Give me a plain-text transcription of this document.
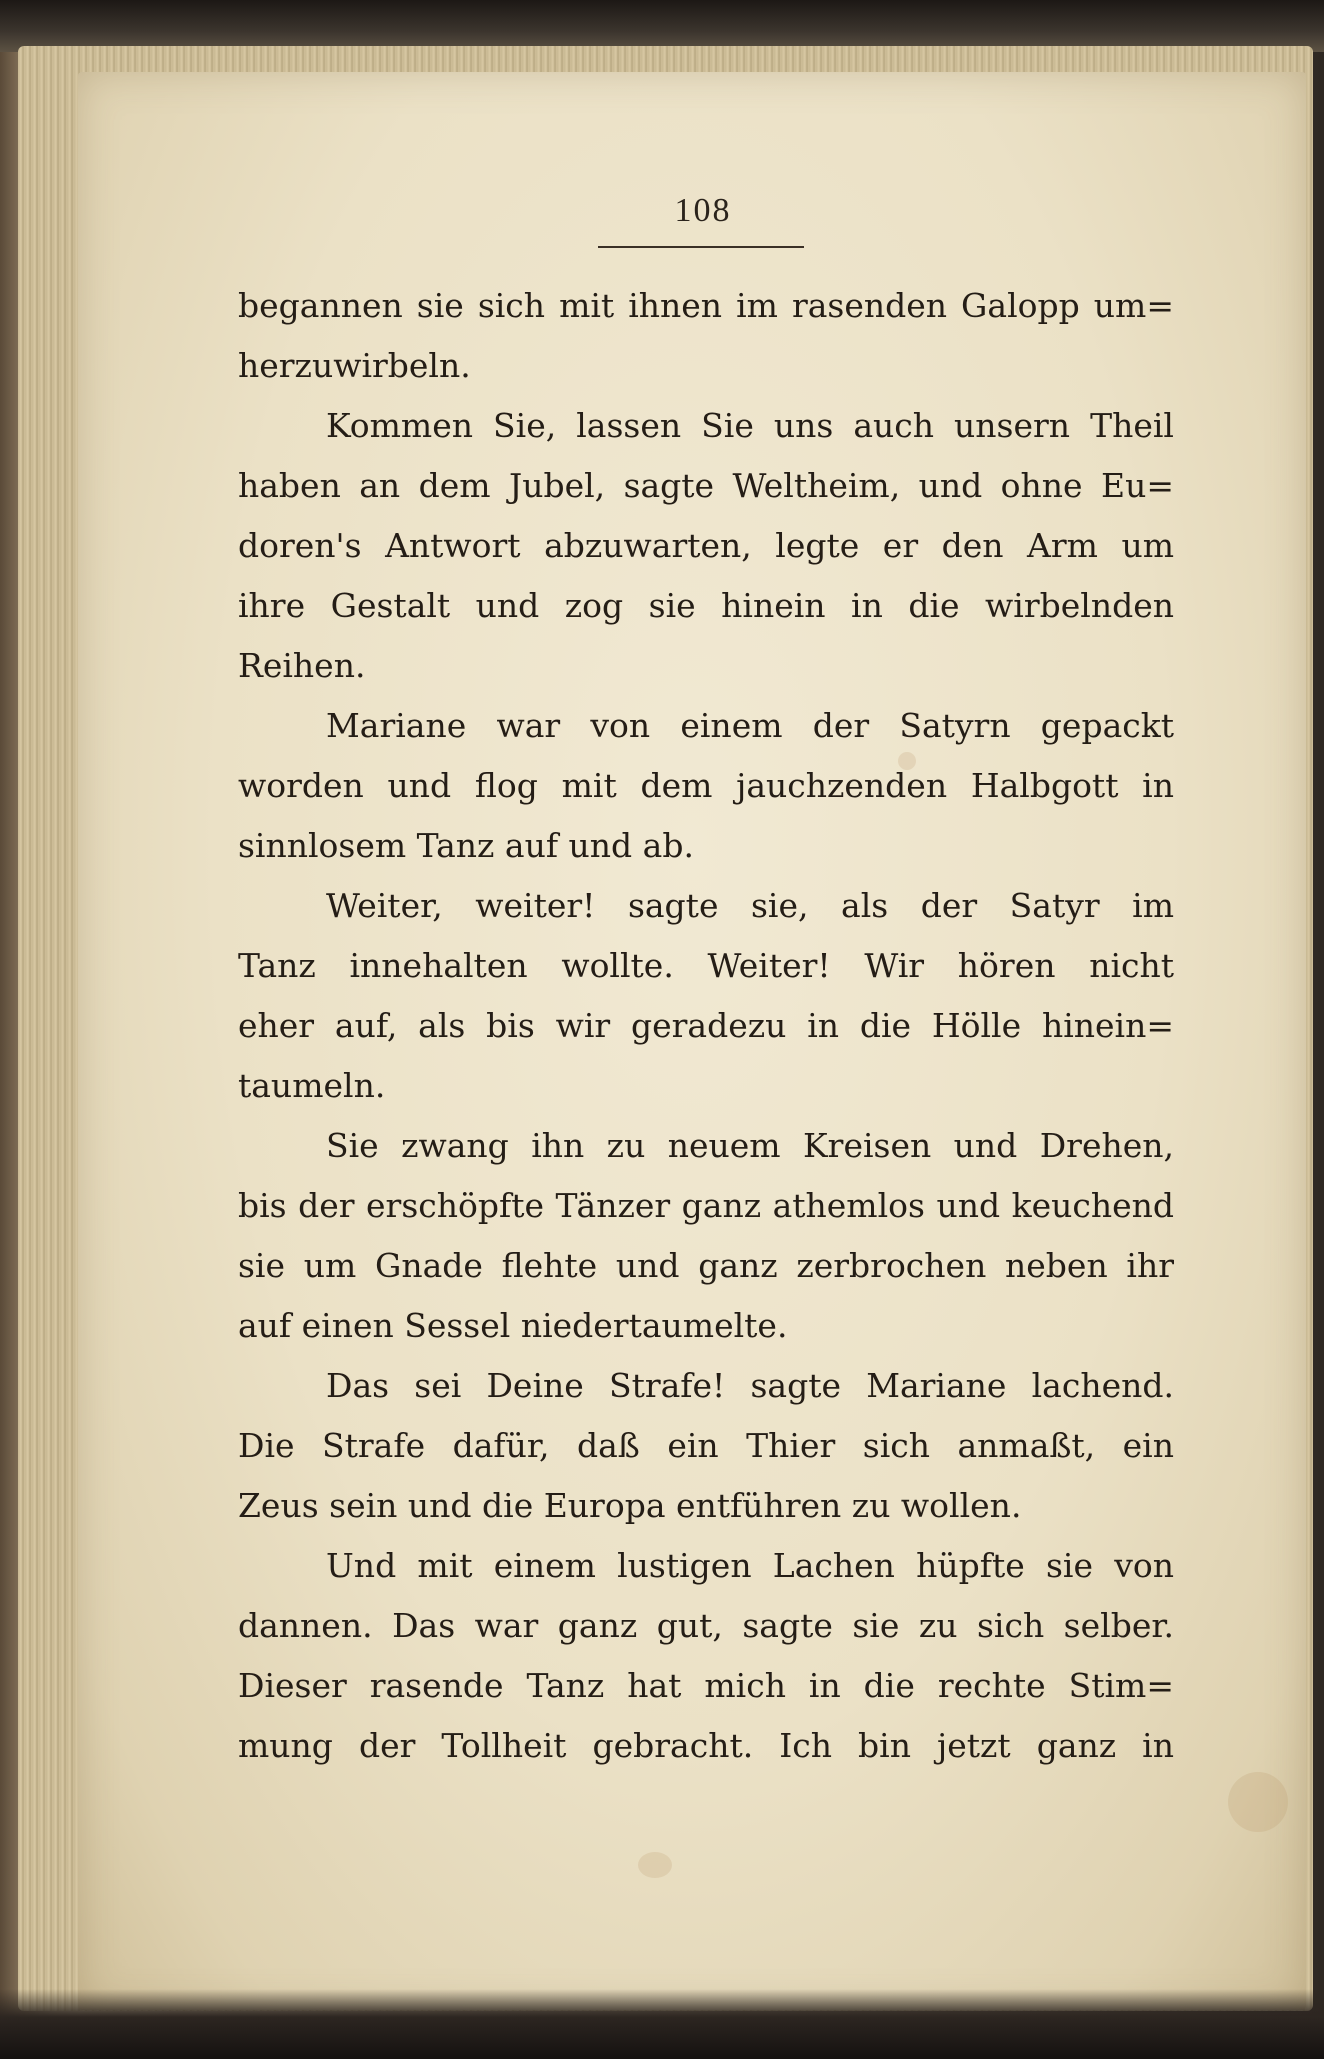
108
begannen sie sich mit ihnen im rasenden Galopp um=
herzuwirbeln.
Kommen Sie, lassen Sie uns auch unsern Theil
haben an dem Jubel, sagte Weltheim, und ohne Eu=
doren's Antwort abzuwarten, legte er den Arm um
ihre Gestalt und zog sie hinein in die wirbelnden
Reihen.
Mariane war von einem der Satyrn gepackt
worden und flog mit dem jauchzenden Halbgott in
sinnlosem Tanz auf und ab.
Weiter, weiter! sagte sie, als der Satyr im
Tanz innehalten wollte. Weiter! Wir hören nicht
eher auf, als bis wir geradezu in die Hölle hinein=
taumeln.
Sie zwang ihn zu neuem Kreisen und Drehen,
bis der erschöpfte Tänzer ganz athemlos und keuchend
sie um Gnade flehte und ganz zerbrochen neben ihr
auf einen Sessel niedertaumelte.
Das sei Deine Strafe! sagte Mariane lachend.
Die Strafe dafür, daß ein Thier sich anmaßt, ein
Zeus sein und die Europa entführen zu wollen.
Und mit einem lustigen Lachen hüpfte sie von
dannen. Das war ganz gut, sagte sie zu sich selber.
Dieser rasende Tanz hat mich in die rechte Stim=
mung der Tollheit gebracht. Ich bin jetzt ganz in
